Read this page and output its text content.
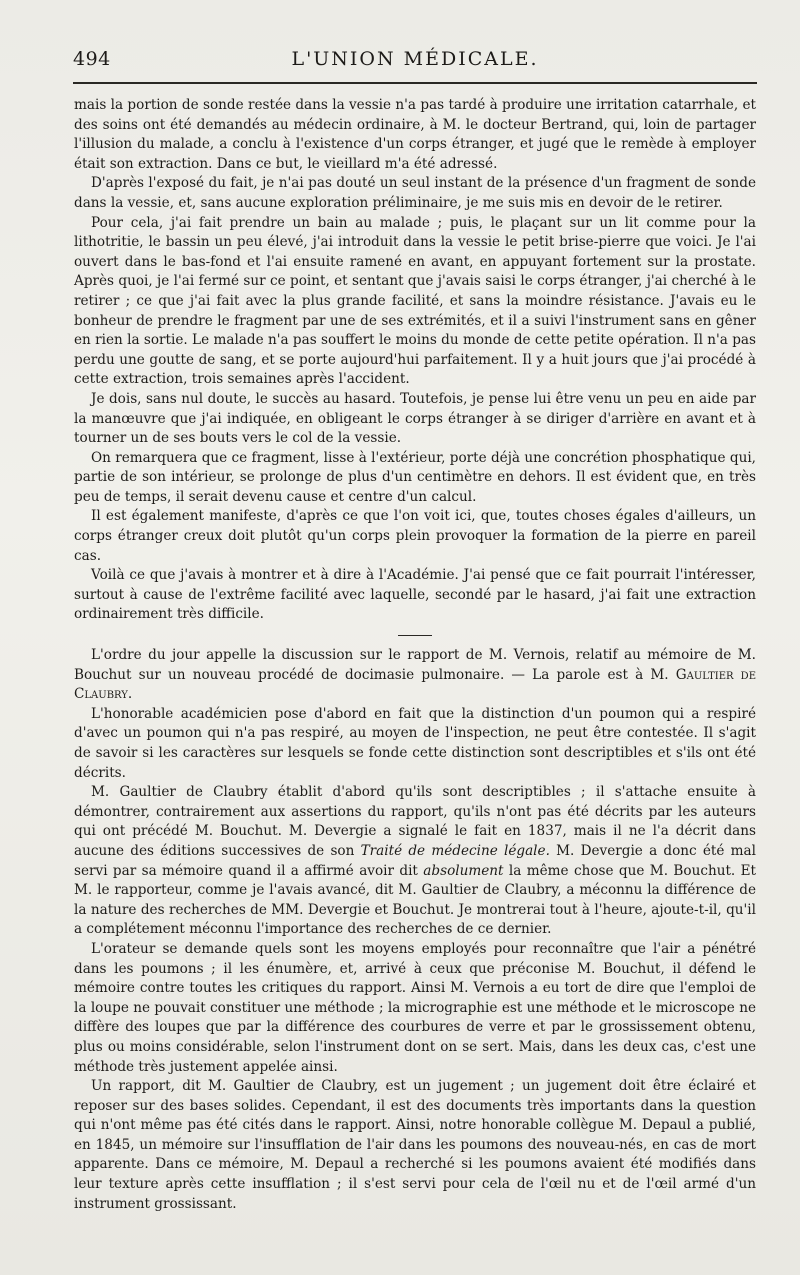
494	L'UNION MÉDICALE.

mais la portion de sonde restée dans la vessie n'a pas tardé à produire une irritation catarrhale, et des soins ont été demandés au médecin ordinaire, à M. le docteur Bertrand, qui, loin de partager l'illusion du malade, a conclu à l'existence d'un corps étranger, et jugé que le remède à employer était son extraction. Dans ce but, le vieillard m'a été adressé.

D'après l'exposé du fait, je n'ai pas douté un seul instant de la présence d'un fragment de sonde dans la vessie, et, sans aucune exploration préliminaire, je me suis mis en devoir de le retirer.

Pour cela, j'ai fait prendre un bain au malade ; puis, le plaçant sur un lit comme pour la lithotritie, le bassin un peu élevé, j'ai introduit dans la vessie le petit brise-pierre que voici. Je l'ai ouvert dans le bas-fond et l'ai ensuite ramené en avant, en appuyant fortement sur la prostate. Après quoi, je l'ai fermé sur ce point, et sentant que j'avais saisi le corps étranger, j'ai cherché à le retirer ; ce que j'ai fait avec la plus grande facilité, et sans la moindre résistance. J'avais eu le bonheur de prendre le fragment par une de ses extrémités, et il a suivi l'instrument sans en gêner en rien la sortie. Le malade n'a pas souffert le moins du monde de cette petite opération. Il n'a pas perdu une goutte de sang, et se porte aujourd'hui parfaitement. Il y a huit jours que j'ai procédé à cette extraction, trois semaines après l'accident.

Je dois, sans nul doute, le succès au hasard. Toutefois, je pense lui être venu un peu en aide par la manœuvre que j'ai indiquée, en obligeant le corps étranger à se diriger d'arrière en avant et à tourner un de ses bouts vers le col de la vessie.

On remarquera que ce fragment, lisse à l'extérieur, porte déjà une concrétion phosphatique qui, partie de son intérieur, se prolonge de plus d'un centimètre en dehors. Il est évident que, en très peu de temps, il serait devenu cause et centre d'un calcul.

Il est également manifeste, d'après ce que l'on voit ici, que, toutes choses égales d'ailleurs, un corps étranger creux doit plutôt qu'un corps plein provoquer la formation de la pierre en pareil cas.

Voilà ce que j'avais à montrer et à dire à l'Académie. J'ai pensé que ce fait pourrait l'intéresser, surtout à cause de l'extrême facilité avec laquelle, secondé par le hasard, j'ai fait une extraction ordinairement très difficile.

L'ordre du jour appelle la discussion sur le rapport de M. Vernois, relatif au mémoire de M. Bouchut sur un nouveau procédé de docimasie pulmonaire. — La parole est à M. Gaultier de Claubry.

L'honorable académicien pose d'abord en fait que la distinction d'un poumon qui a respiré d'avec un poumon qui n'a pas respiré, au moyen de l'inspection, ne peut être contestée. Il s'agit de savoir si les caractères sur lesquels se fonde cette distinction sont descriptibles et s'ils ont été décrits.

M. Gaultier de Claubry établit d'abord qu'ils sont descriptibles ; il s'attache ensuite à démontrer, contrairement aux assertions du rapport, qu'ils n'ont pas été décrits par les auteurs qui ont précédé M. Bouchut. M. Devergie a signalé le fait en 1837, mais il ne l'a décrit dans aucune des éditions successives de son Traité de médecine légale. M. Devergie a donc été mal servi par sa mémoire quand il a affirmé avoir dit absolument la même chose que M. Bouchut. Et M. le rapporteur, comme je l'avais avancé, dit M. Gaultier de Claubry, a méconnu la différence de la nature des recherches de MM. Devergie et Bouchut. Je montrerai tout à l'heure, ajoute-t-il, qu'il a complétement méconnu l'importance des recherches de ce dernier.

L'orateur se demande quels sont les moyens employés pour reconnaître que l'air a pénétré dans les poumons ; il les énumère, et, arrivé à ceux que préconise M. Bouchut, il défend le mémoire contre toutes les critiques du rapport. Ainsi M. Vernois a eu tort de dire que l'emploi de la loupe ne pouvait constituer une méthode ; la micrographie est une méthode et le microscope ne diffère des loupes que par la différence des courbures de verre et par le grossissement obtenu, plus ou moins considérable, selon l'instrument dont on se sert. Mais, dans les deux cas, c'est une méthode très justement appelée ainsi.

Un rapport, dit M. Gaultier de Claubry, est un jugement ; un jugement doit être éclairé et reposer sur des bases solides. Cependant, il est des documents très importants dans la question qui n'ont même pas été cités dans le rapport. Ainsi, notre honorable collègue M. Depaul a publié, en 1845, un mémoire sur l'insufflation de l'air dans les poumons des nouveau-nés, en cas de mort apparente. Dans ce mémoire, M. Depaul a recherché si les poumons avaient été modifiés dans leur texture après cette insufflation ; il s'est servi pour cela de l'œil nu et de l'œil armé d'un instrument grossissant.
